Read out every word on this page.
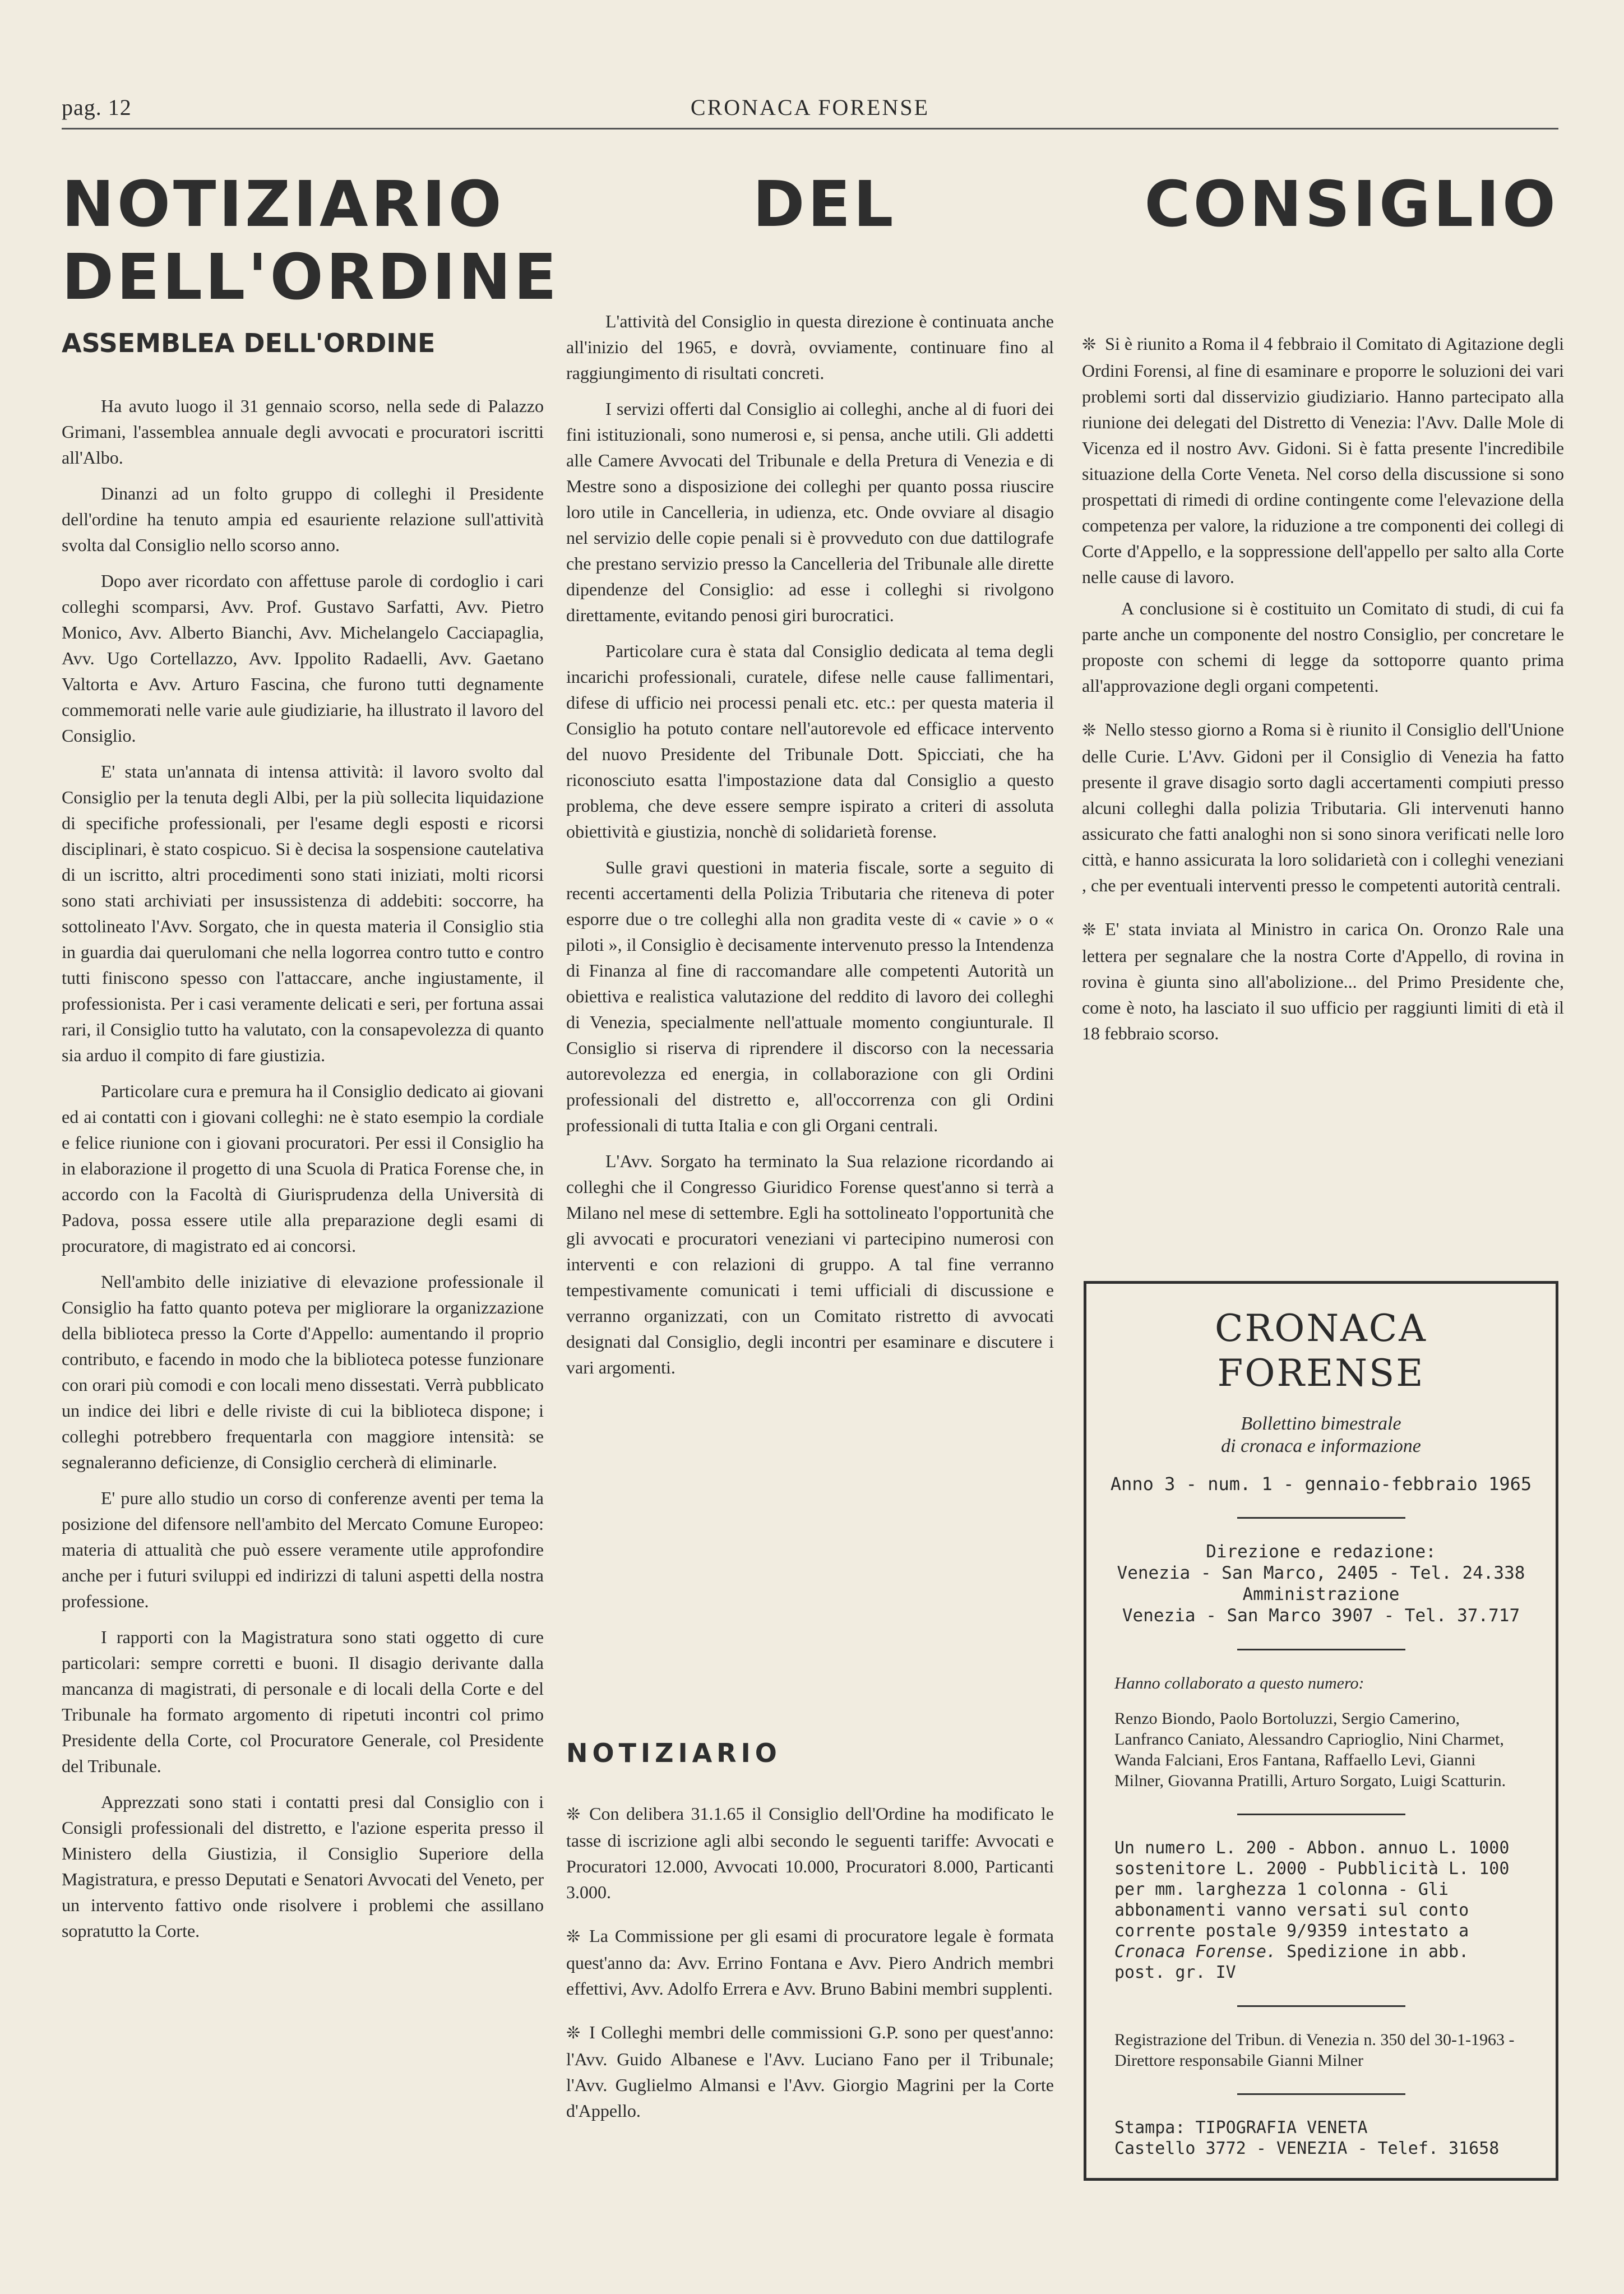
pag. 12	CRONACA FORENSE
NOTIZIARIO DEL CONSIGLIO DELL'ORDINE
ASSEMBLEA DELL'ORDINE

Ha avuto luogo il 31 gennaio scorso, nella sede di Palazzo Grimani, l'assemblea annuale degli avvocati e procuratori iscritti all'Albo.

Dinanzi ad un folto gruppo di colleghi il Presidente dell'ordine ha tenuto ampia ed esauriente relazione sull'attività svolta dal Consiglio nello scorso anno.

Dopo aver ricordato con affettuse parole di cordoglio i cari colleghi scomparsi, Avv. Prof. Gustavo Sarfatti, Avv. Pietro Monico, Avv. Alberto Bianchi, Avv. Michelangelo Cacciapaglia, Avv. Ugo Cortellazzo, Avv. Ippolito Radaelli, Avv. Gaetano Valtorta e Avv. Arturo Fascina, che furono tutti degnamente commemorati nelle varie aule giudiziarie, ha illustrato il lavoro del Consiglio.

E' stata un'annata di intensa attività: il lavoro svolto dal Consiglio per la tenuta degli Albi, per la più sollecita liquidazione di specifiche professionali, per l'esame degli esposti e ricorsi disciplinari, è stato cospicuo. Si è decisa la sospensione cautelativa di un iscritto, altri procedimenti sono stati iniziati, molti ricorsi sono stati archiviati per insussistenza di addebiti: soccorre, ha sottolineato l'Avv. Sorgato, che in questa materia il Consiglio stia in guardia dai querulomani che nella logorrea contro tutto e contro tutti finiscono spesso con l'attaccare, anche ingiustamente, il professionista. Per i casi veramente delicati e seri, per fortuna assai rari, il Consiglio tutto ha valutato, con la consapevolezza di quanto sia arduo il compito di fare giustizia.

Particolare cura e premura ha il Consiglio dedicato ai giovani ed ai contatti con i giovani colleghi: ne è stato esempio la cordiale e felice riunione con i giovani procuratori. Per essi il Consiglio ha in elaborazione il progetto di una Scuola di Pratica Forense che, in accordo con la Facoltà di Giurisprudenza della Università di Padova, possa essere utile alla preparazione degli esami di procuratore, di magistrato ed ai concorsi.

Nell'ambito delle iniziative di elevazione professionale il Consiglio ha fatto quanto poteva per migliorare la organizzazione della biblioteca presso la Corte d'Appello: aumentando il proprio contributo, e facendo in modo che la biblioteca potesse funzionare con orari più comodi e con locali meno dissestati. Verrà pubblicato un indice dei libri e delle riviste di cui la biblioteca dispone; i colleghi potrebbero frequentarla con maggiore intensità: se segnaleranno deficienze, di Consiglio cercherà di eliminarle.

E' pure allo studio un corso di conferenze aventi per tema la posizione del difensore nell'ambito del Mercato Comune Europeo: materia di attualità che può essere veramente utile approfondire anche per i futuri sviluppi ed indirizzi di taluni aspetti della nostra professione.

I rapporti con la Magistratura sono stati oggetto di cure particolari: sempre corretti e buoni. Il disagio derivante dalla mancanza di magistrati, di personale e di locali della Corte e del Tribunale ha formato argomento di ripetuti incontri col primo Presidente della Corte, col Procuratore Generale, col Presidente del Tribunale.

Apprezzati sono stati i contatti presi dal Consiglio con i Consigli professionali del distretto, e l'azione esperita presso il Ministero della Giustizia, il Consiglio Superiore della Magistratura, e presso Deputati e Senatori Avvocati del Veneto, per un intervento fattivo onde risolvere i problemi che assillano sopratutto la Corte.

L'attività del Consiglio in questa direzione è continuata anche all'inizio del 1965, e dovrà, ovviamente, continuare fino al raggiungimento di risultati concreti.

I servizi offerti dal Consiglio ai colleghi, anche al di fuori dei fini istituzionali, sono numerosi e, si pensa, anche utili. Gli addetti alle Camere Avvocati del Tribunale e della Pretura di Venezia e di Mestre sono a disposizione dei colleghi per quanto possa riuscire loro utile in Cancelleria, in udienza, etc. Onde ovviare al disagio nel servizio delle copie penali si è provveduto con due dattilografe che prestano servizio presso la Cancelleria del Tribunale alle dirette dipendenze del Consiglio: ad esse i colleghi si rivolgono direttamente, evitando penosi giri burocratici.

Particolare cura è stata dal Consiglio dedicata al tema degli incarichi professionali, curatele, difese nelle cause fallimentari, difese di ufficio nei processi penali etc. etc.: per questa materia il Consiglio ha potuto contare nell'autorevole ed efficace intervento del nuovo Presidente del Tribunale Dott. Spicciati, che ha riconosciuto esatta l'impostazione data dal Consiglio a questo problema, che deve essere sempre ispirato a criteri di assoluta obiettività e giustizia, nonchè di solidarietà forense.

Sulle gravi questioni in materia fiscale, sorte a seguito di recenti accertamenti della Polizia Tributaria che riteneva di poter esporre due o tre colleghi alla non gradita veste di « cavie » o « piloti », il Consiglio è decisamente intervenuto presso la Intendenza di Finanza al fine di raccomandare alle competenti Autorità un obiettiva e realistica valutazione del reddito di lavoro dei colleghi di Venezia, specialmente nell'attuale momento congiunturale. Il Consiglio si riserva di riprendere il discorso con la necessaria autorevolezza ed energia, in collaborazione con gli Ordini professionali del distretto e, all'occorrenza con gli Ordini professionali di tutta Italia e con gli Organi centrali.

L'Avv. Sorgato ha terminato la Sua relazione ricordando ai colleghi che il Congresso Giuridico Forense quest'anno si terrà a Milano nel mese di settembre. Egli ha sottolineato l'opportunità che gli avvocati e procuratori veneziani vi partecipino numerosi con interventi e con relazioni di gruppo. A tal fine verranno tempestivamente comunicati i temi ufficiali di discussione e verranno organizzati, con un Comitato ristretto di avvocati designati dal Consiglio, degli incontri per esaminare e discutere i vari argomenti.

NOTIZIARIO

❊ Con delibera 31.1.65 il Consiglio dell'Ordine ha modificato le tasse di iscrizione agli albi secondo le seguenti tariffe: Avvocati e Procuratori 12.000, Avvocati 10.000, Procuratori 8.000, Particanti 3.000.

❊ La Commissione per gli esami di procuratore legale è formata quest'anno da: Avv. Errino Fontana e Avv. Piero Andrich membri effettivi, Avv. Adolfo Errera e Avv. Bruno Babini membri supplenti.

❊ I Colleghi membri delle commissioni G.P. sono per quest'anno: l'Avv. Guido Albanese e l'Avv. Luciano Fano per il Tribunale; l'Avv. Guglielmo Almansi e l'Avv. Giorgio Magrini per la Corte d'Appello.

❊ Si è riunito a Roma il 4 febbraio il Comitato di Agitazione degli Ordini Forensi, al fine di esaminare e proporre le soluzioni dei vari problemi sorti dal disservizio giudiziario. Hanno partecipato alla riunione dei delegati del Distretto di Venezia: l'Avv. Dalle Mole di Vicenza ed il nostro Avv. Gidoni. Si è fatta presente l'incredibile situazione della Corte Veneta. Nel corso della discussione si sono prospettati di rimedi di ordine contingente come l'elevazione della competenza per valore, la riduzione a tre componenti dei collegi di Corte d'Appello, e la soppressione dell'appello per salto alla Corte nelle cause di lavoro.

A conclusione si è costituito un Comitato di studi, di cui fa parte anche un componente del nostro Consiglio, per concretare le proposte con schemi di legge da sottoporre quanto prima all'approvazione degli organi competenti.

❊ Nello stesso giorno a Roma si è riunito il Consiglio dell'Unione delle Curie. L'Avv. Gidoni per il Consiglio di Venezia ha fatto presente il grave disagio sorto dagli accertamenti compiuti presso alcuni colleghi dalla polizia Tributaria. Gli intervenuti hanno assicurato che fatti analoghi non si sono sinora verificati nelle loro città, e hanno assicurata la loro solidarietà con i colleghi veneziani , che per eventuali interventi presso le competenti autorità centrali.

❊ E' stata inviata al Ministro in carica On. Oronzo Rale una lettera per segnalare che la nostra Corte d'Appello, di rovina in rovina è giunta sino all'abolizione... del Primo Presidente che, come è noto, ha lasciato il suo ufficio per raggiunti limiti di età il 18 febbraio scorso.

CRONACA
FORENSE
Bollettino bimestrale
di cronaca e informazione
Anno 3 - num. 1 - gennaio-febbraio 1965
Direzione e redazione:
Venezia - San Marco, 2405 - Tel. 24.338
Amministrazione
Venezia - San Marco 3907 - Tel. 37.717
Hanno collaborato a questo numero:
Renzo Biondo, Paolo Bortoluzzi, Sergio Camerino, Lanfranco Caniato, Alessandro Caprioglio, Nini Charmet, Wanda Falciani, Eros Fantana, Raffaello Levi, Gianni Milner, Giovanna Pratilli, Arturo Sorgato, Luigi Scatturin.
Un numero L. 200 - Abbon. annuo L. 1000 sostenitore L. 2000 - Pubblicità L. 100 per mm. larghezza 1 colonna - Gli abbonamenti vanno versati sul conto corrente postale 9/9359 intestato a Cronaca Forense. Spedizione in abb. post. gr. IV
Registrazione del Tribun. di Venezia n. 350 del 30-1-1963 - Direttore responsabile Gianni Milner
Stampa: TIPOGRAFIA VENETA
Castello 3772 - VENEZIA - Telef. 31658
